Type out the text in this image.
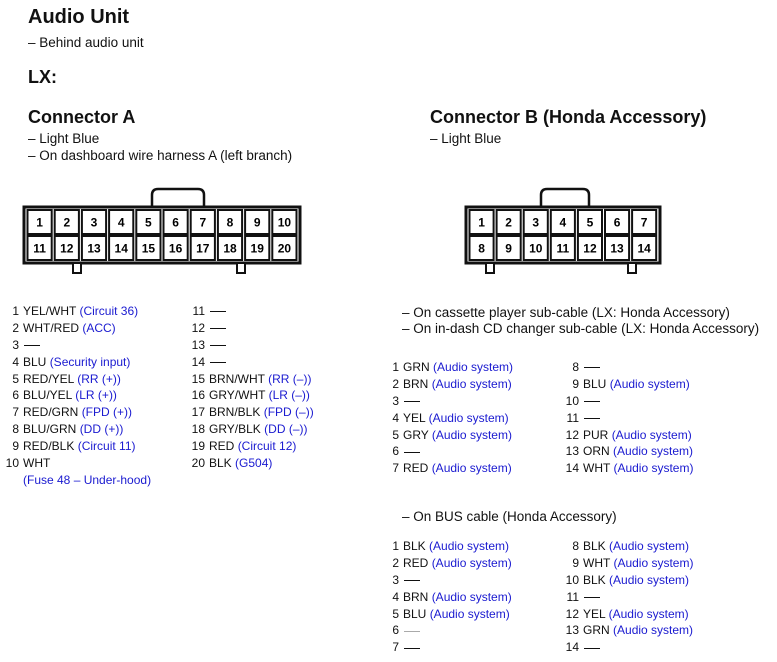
Audio Unit
– Behind audio unit
LX:
Connector A
– Light Blue
– On dashboard wire harness A (left branch)
Connector B (Honda Accessory)
– Light Blue
1 2 3 4 5 6 7 8 9 10
11 12 13 14 15 16 17 18 19 20
1 2 3 4 5 6 7
8 9 10 11 12 13 14
1 YEL/WHT (Circuit 36)
2 WHT/RED (ACC)
3
4 BLU (Security input)
5 RED/YEL (RR (+))
6 BLU/YEL (LR (+))
7 RED/GRN (FPD (+))
8 BLU/GRN (DD (+))
9 RED/BLK (Circuit 11)
10 WHT
(Fuse 48 – Under-hood)
11
12
13
14
15 BRN/WHT (RR (–))
16 GRY/WHT (LR (–))
17 BRN/BLK (FPD (–))
18 GRY/BLK (DD (–))
19 RED (Circuit 12)
20 BLK (G504)
– On cassette player sub-cable (LX: Honda Accessory)
– On in-dash CD changer sub-cable (LX: Honda Accessory)
1 GRN (Audio system)
2 BRN (Audio system)
3
4 YEL (Audio system)
5 GRY (Audio system)
6
7 RED (Audio system)
8
9 BLU (Audio system)
10
11
12 PUR (Audio system)
13 ORN (Audio system)
14 WHT (Audio system)
– On BUS cable (Honda Accessory)
1 BLK (Audio system)
2 RED (Audio system)
3
4 BRN (Audio system)
5 BLU (Audio system)
6
7
8 BLK (Audio system)
9 WHT (Audio system)
10 BLK (Audio system)
11
12 YEL (Audio system)
13 GRN (Audio system)
14
